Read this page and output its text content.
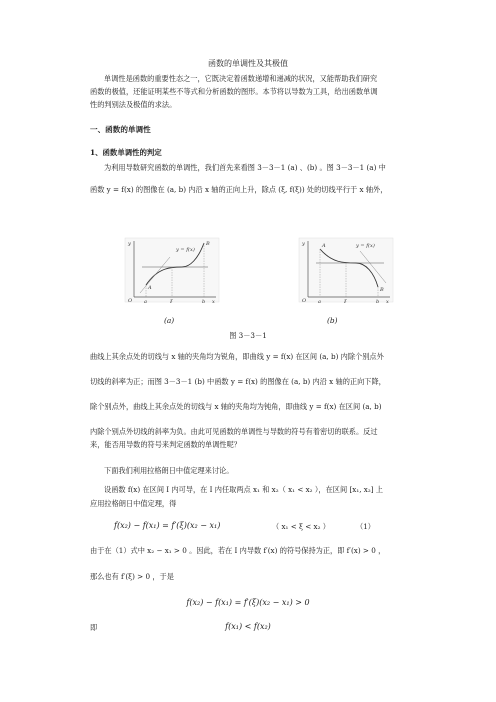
函数的单调性及其极值
单调性是函数的重要性态之一，它既决定着函数递增和递减的状况，又能帮助我们研究
函数的极值，还能证明某些不等式和分析函数的图形。本节将以导数为工具，给出函数单调
性的判别法及极值的求法。
一、函数的单调性
1、函数单调性的判定
为利用导数研究函数的单调性，我们首先来看图 3－3－1 (a) 、(b) 。图 3－3－1 (a) 中
函数 y = f(x) 的图像在 (a, b) 内沿 x 轴的正向上升，除点 (ξ, f(ξ)) 处的切线平行于 x 轴外，
y
x
O a	ξ	b
A
B
y = f(x)
y
x
O a	ξ	b
A
B
y = f(x)
(a)	(b)
图 3－3－1
曲线上其余点处的切线与 x 轴的夹角均为锐角，即曲线 y = f(x) 在区间 (a, b) 内除个别点外
切线的斜率为正；而图 3－3－1 (b) 中函数 y = f(x) 的图像在 (a, b) 内沿 x 轴的正向下降，
除个别点外，曲线上其余点处的切线与 x 轴的夹角均为钝角，即曲线 y = f(x) 在区间 (a, b)
内除个别点外切线的斜率为负。由此可见函数的单调性与导数的符号有着密切的联系。反过
来，能否用导数的符号来判定函数的单调性呢？
下面我们利用拉格朗日中值定理来讨论。
设函数 f(x) 在区间 I 内可导，在 I 内任取两点 x₁ 和 x₂（ x₁ < x₂ ），在区间 [x₁, x₂] 上
应用拉格朗日中值定理，得
f(x₂) − f(x₁) = f′(ξ)(x₂ − x₁)	（ x₁ < ξ < x₂ ）	（1）
由于在（1）式中 x₂ − x₁ > 0 。因此，若在 I 内导数 f′(x) 的符号保持为正，即 f′(x) > 0 ，
那么也有 f′(ξ) > 0 ，于是
f(x₂) − f(x₁) = f′(ξ)(x₂ − x₁) > 0
即	f(x₁) < f(x₂)
